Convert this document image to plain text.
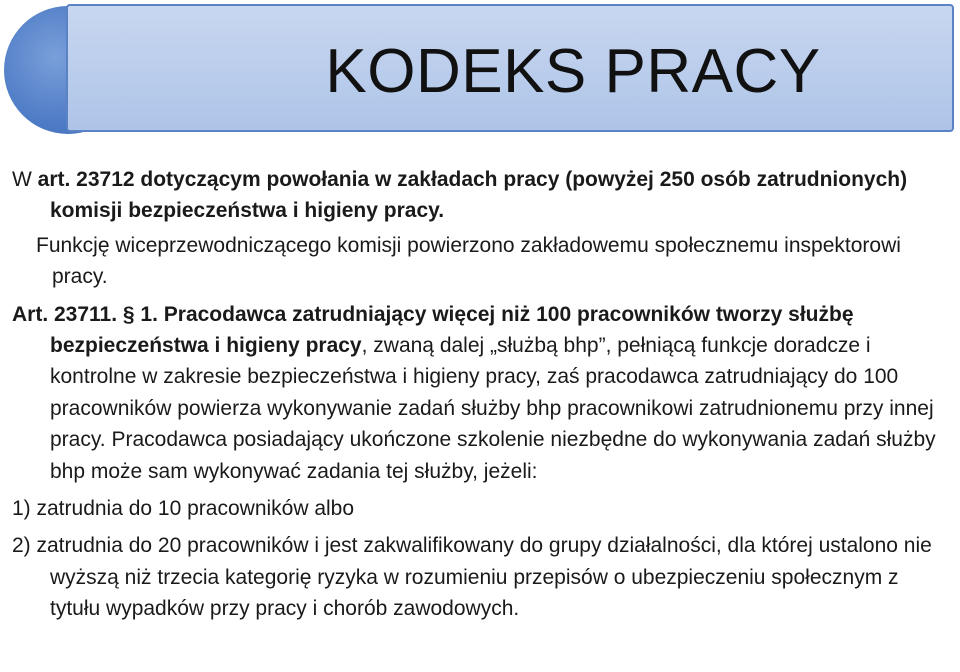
KODEKS PRACY

W art. 23712 dotyczącym powołania w zakładach pracy (powyżej 250 osób zatrudnionych) komisji bezpieczeństwa i higieny pracy.

Funkcję wiceprzewodniczącego komisji powierzono zakładowemu społecznemu inspektorowi pracy.

Art. 23711. § 1. Pracodawca zatrudniający więcej niż 100 pracowników tworzy służbę bezpieczeństwa i higieny pracy, zwaną dalej „służbą bhp”, pełniącą funkcje doradcze i kontrolne w zakresie bezpieczeństwa i higieny pracy, zaś pracodawca zatrudniający do 100 pracowników powierza wykonywanie zadań służby bhp pracownikowi zatrudnionemu przy innej pracy. Pracodawca posiadający ukończone szkolenie niezbędne do wykonywania zadań służby bhp może sam wykonywać zadania tej służby, jeżeli:

1) zatrudnia do 10 pracowników albo

2) zatrudnia do 20 pracowników i jest zakwalifikowany do grupy działalności, dla której ustalono nie wyższą niż trzecia kategorię ryzyka w rozumieniu przepisów o ubezpieczeniu społecznym z tytułu wypadków przy pracy i chorób zawodowych.
